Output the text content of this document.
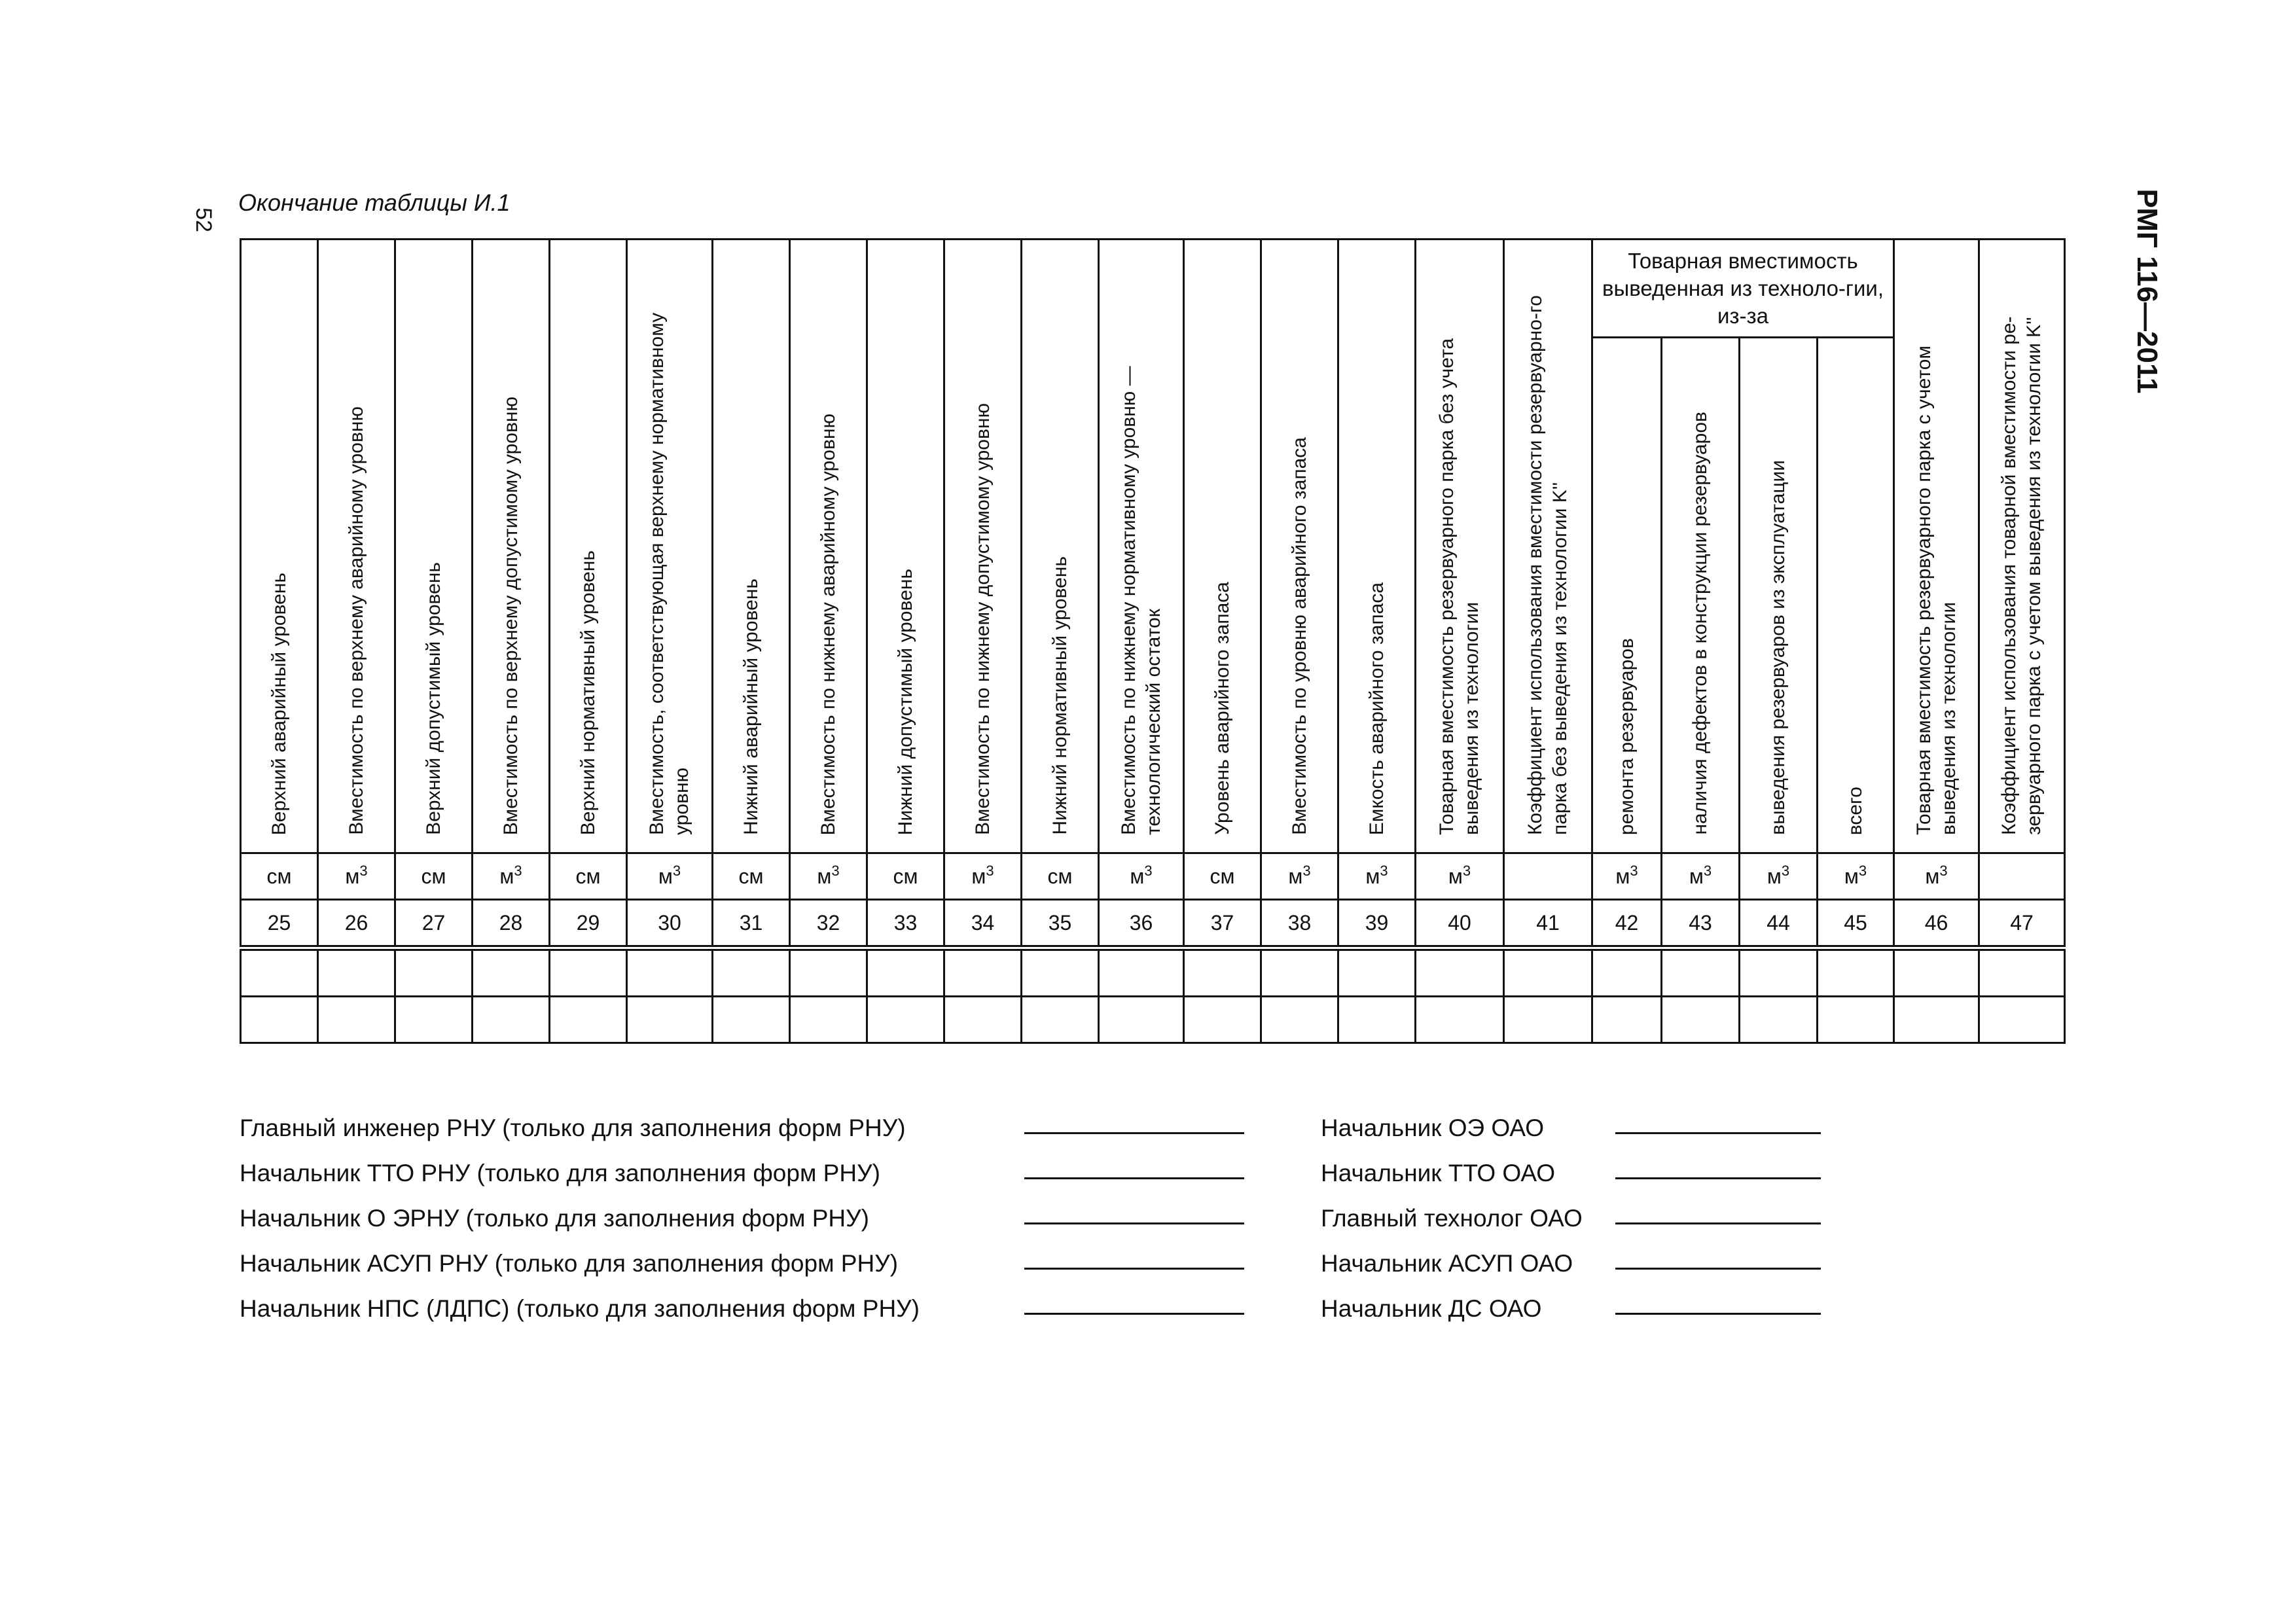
52
Окончание таблицы И.1	РМГ 116—2011
Верхний аварийный уровень	Вместимость по верхнему аварийному уровню	Верхний допустимый уровень	Вместимость по верхнему допустимому уровню	Верхний нормативный уровень	Вместимость, соответствующая верхнему нормативному уровню	Нижний аварийный уровень	Вместимость по нижнему аварийному уровню	Нижний допустимый уровень	Вместимость по нижнему допустимому уровню	Нижний нормативный уровень	Вместимость по нижнему нормативному уровню — технологический остаток	Уровень аварийного запаса	Вместимость по уровню аварийного запаса	Емкость аварийного запаса	Товарная вместимость резервуарного парка без учета выведения из технологии	Коэффициент использования вместимости резервуарно-го парка без выведения из технологии K''	Товарная вместимость выведенная из техноло-гии, из-за				Товарная вместимость резервуарного парка с учетом выведения из технологии	Коэффициент использования товарной вместимости ре-зервуарного парка с учетом выведения из технологии K''

																	ремонта резервуаров	наличия дефектов в конструкции резервуаров	выведения резервуаров из эксплуатации	всего		

см	$м^3$	см	$м^3$	см	$м^3$	см	$м^3$	см	$м^3$	см	$м^3$	см	$м^3$	$м^3$	$м^3$		$м^3$	$м^3$	$м^3$	$м^3$	$м^3$	
25	26	27	28	29	30	31	32	33	34	35	36	37	38	39	40	41	42	43	44	45	46	47

Главный инженер РНУ (только для заполнения форм РНУ)
Начальник ТТО РНУ (только для заполнения форм РНУ)
Начальник О ЭРНУ (только для заполнения форм РНУ)
Начальник АСУП РНУ (только для заполнения форм РНУ)
Начальник НПС (ЛДПС) (только для заполнения форм РНУ)
Начальник ОЭ ОАО
Начальник ТТО ОАО
Главный технолог ОАО
Начальник АСУП ОАО
Начальник ДС ОАО
